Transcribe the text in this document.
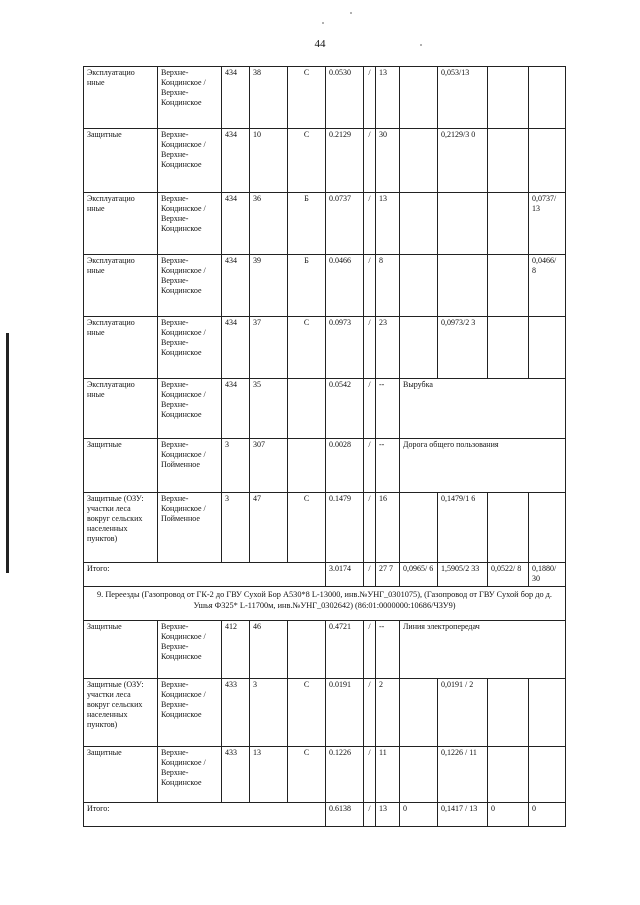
44
Эксплуатацио нные	Верхне-Кондинское / Верхне-Кондинское	434	38	С	0.0530	/	13		0,053/13		
Защитные	Верхне-Кондинское / Верхне-Кондинское	434	10	С	0.2129	/	30		0,2129/3 0		
Эксплуатацио нные	Верхне-Кондинское / Верхне-Кондинское	434	36	Б	0.0737	/	13				0,0737/ 13
Эксплуатацио нные	Верхне-Кондинское / Верхне-Кондинское	434	39	Б	0.0466	/	8				0,0466/ 8
Эксплуатацио нные	Верхне-Кондинское / Верхне-Кондинское	434	37	С	0.0973	/	23		0,0973/2 3		
Эксплуатацио нные	Верхне-Кондинское / Верхне-Кондинское	434	35		0.0542	/	--	Вырубка			
Защитные	Верхне-Кондинское / Пойменное	3	307		0.0028	/	--	Дорога общего пользования			
Защитные (ОЗУ: участки леса вокруг сельских населенных пунктов)	Верхне-Кондинское / Пойменное	3	47	С	0.1479	/	16		0,1479/1 6		
Итого:					3.0174	/	27 7	0,0965/ 6	1,5905/2 33	0,0522/ 8	0,1880/ 30
9. Переезды (Газопровод от ГК-2 до ГВУ Сухой Бор А530*8 L-13000, инв.№УНГ_0301075), (Газопровод от ГВУ Сухой бор до д. Ушья Ф325* L-11700м, инв.№УНГ_0302642) (86:01:0000000:10686/ЧЗУ9)											
Защитные	Верхне-Кондинское / Верхне-Кондинское	412	46		0.4721	/	--	Линия электропередач			
Защитные (ОЗУ: участки леса вокруг сельских населенных пунктов)	Верхне-Кондинское / Верхне-Кондинское	433	3	С	0.0191	/	2		0,0191 / 2		
Защитные	Верхне-Кондинское / Верхне-Кондинское	433	13	С	0.1226	/	11		0,1226 / 11		
Итого:					0.6138	/	13	0	0,1417 / 13	0	0
